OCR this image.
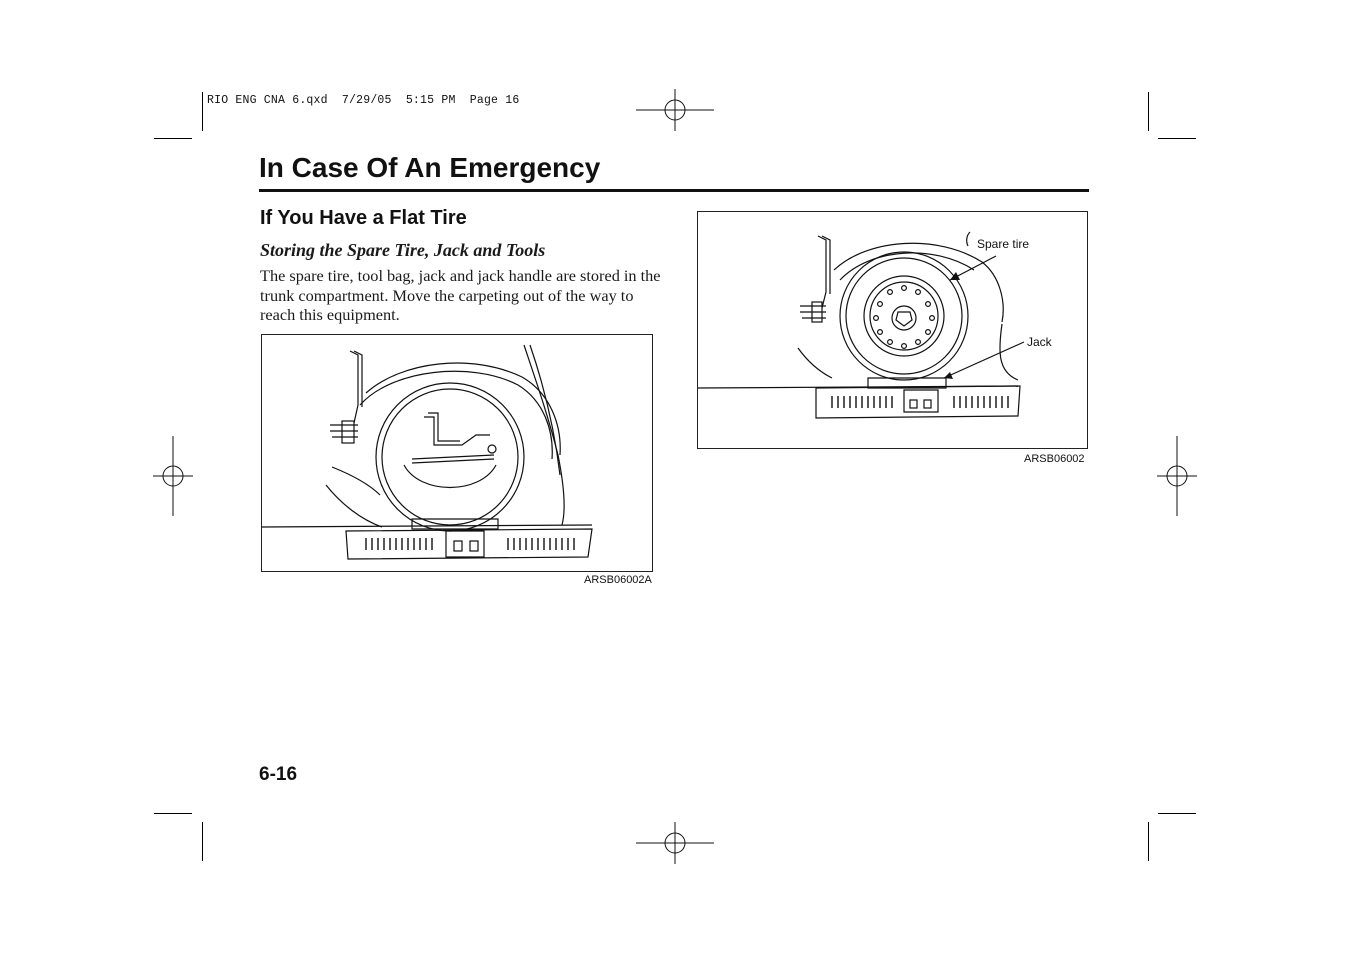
RIO ENG CNA 6.qxd  7/29/05  5:15 PM  Page 16
In Case Of An Emergency
If You Have a Flat Tire
Storing the Spare Tire, Jack and Tools
The spare tire, tool bag, jack and jack handle are stored in the trunk compartment. Move the carpeting out of the way to reach this equipment.
ARSB06002A
Spare tire
Jack
ARSB06002
6-16
